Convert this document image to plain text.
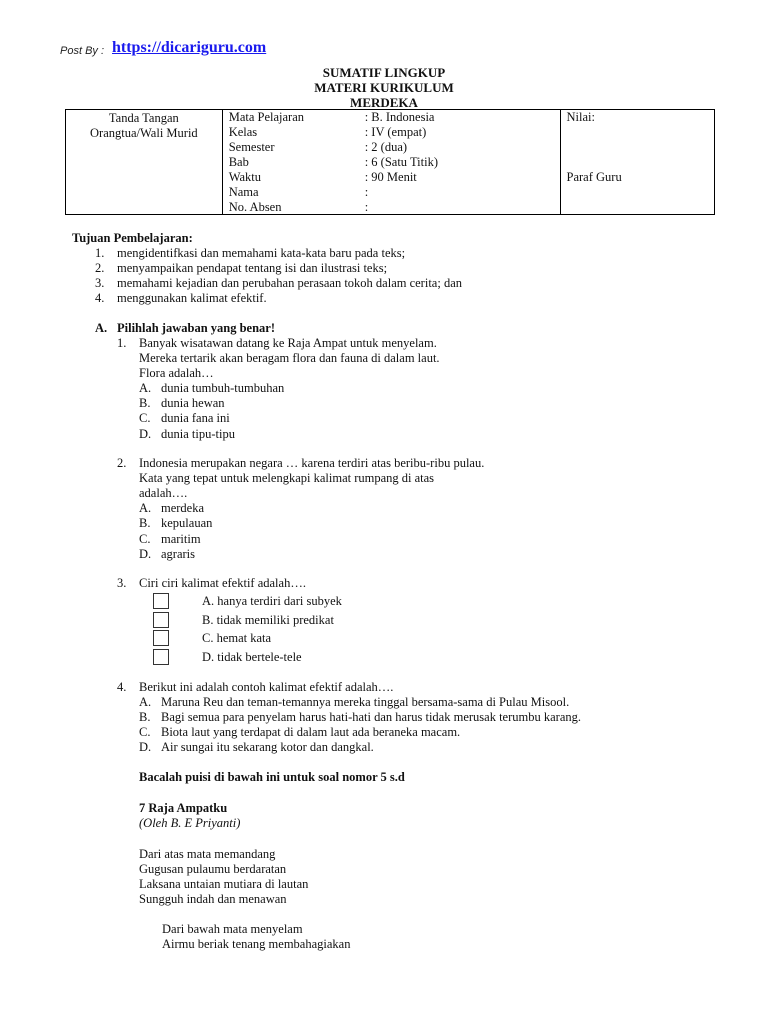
Post By : https://dicariguru.com
SUMATIF LINGKUP
MATERI KURIKULUM
MERDEKA
Tanda Tangan
Orangtua/Wali Murid

Mata Pelajaran	: B. Indonesia
Kelas	: IV (empat)
Semester	: 2 (dua)
Bab	: 6 (Satu Titik)
Waktu	: 90 Menit
Nama	:
No. Absen	:

Nilai:
Paraf Guru
Tujuan Pembelajaran:
1. mengidentifkasi dan memahami kata-kata baru pada teks;
2. menyampaikan pendapat tentang isi dan ilustrasi teks;
3. memahami kejadian dan perubahan perasaan tokoh dalam cerita; dan
4. menggunakan kalimat efektif.
A. Pilihlah jawaban yang benar!
1. Banyak wisatawan datang ke Raja Ampat untuk menyelam.
Mereka tertarik akan beragam flora dan fauna di dalam laut.
Flora adalah…
A. dunia tumbuh-tumbuhan
B. dunia hewan
C. dunia fana ini
D. dunia tipu-tipu
2. Indonesia merupakan negara … karena terdiri atas beribu-ribu pulau.
Kata yang tepat untuk melengkapi kalimat rumpang di atas
adalah….
A. merdeka
B. kepulauan
C. maritim
D. agraris
3. Ciri ciri kalimat efektif adalah….
A. hanya terdiri dari subyek
B. tidak memiliki predikat
C. hemat kata
D. tidak bertele-tele
4. Berikut ini adalah contoh kalimat efektif adalah….
A. Maruna Reu dan teman-temannya mereka tinggal bersama-sama di Pulau Misool.
B. Bagi semua para penyelam harus hati-hati dan harus tidak merusak terumbu karang.
C. Biota laut yang terdapat di dalam laut ada beraneka macam.
D. Air sungai itu sekarang kotor dan dangkal.
Bacalah puisi di bawah ini untuk soal nomor 5 s.d
7 Raja Ampatku
(Oleh B. E Priyanti)
Dari atas mata memandang
Gugusan pulaumu berdaratan
Laksana untaian mutiara di lautan
Sungguh indah dan menawan
Dari bawah mata menyelam
Airmu beriak tenang membahagiakan
